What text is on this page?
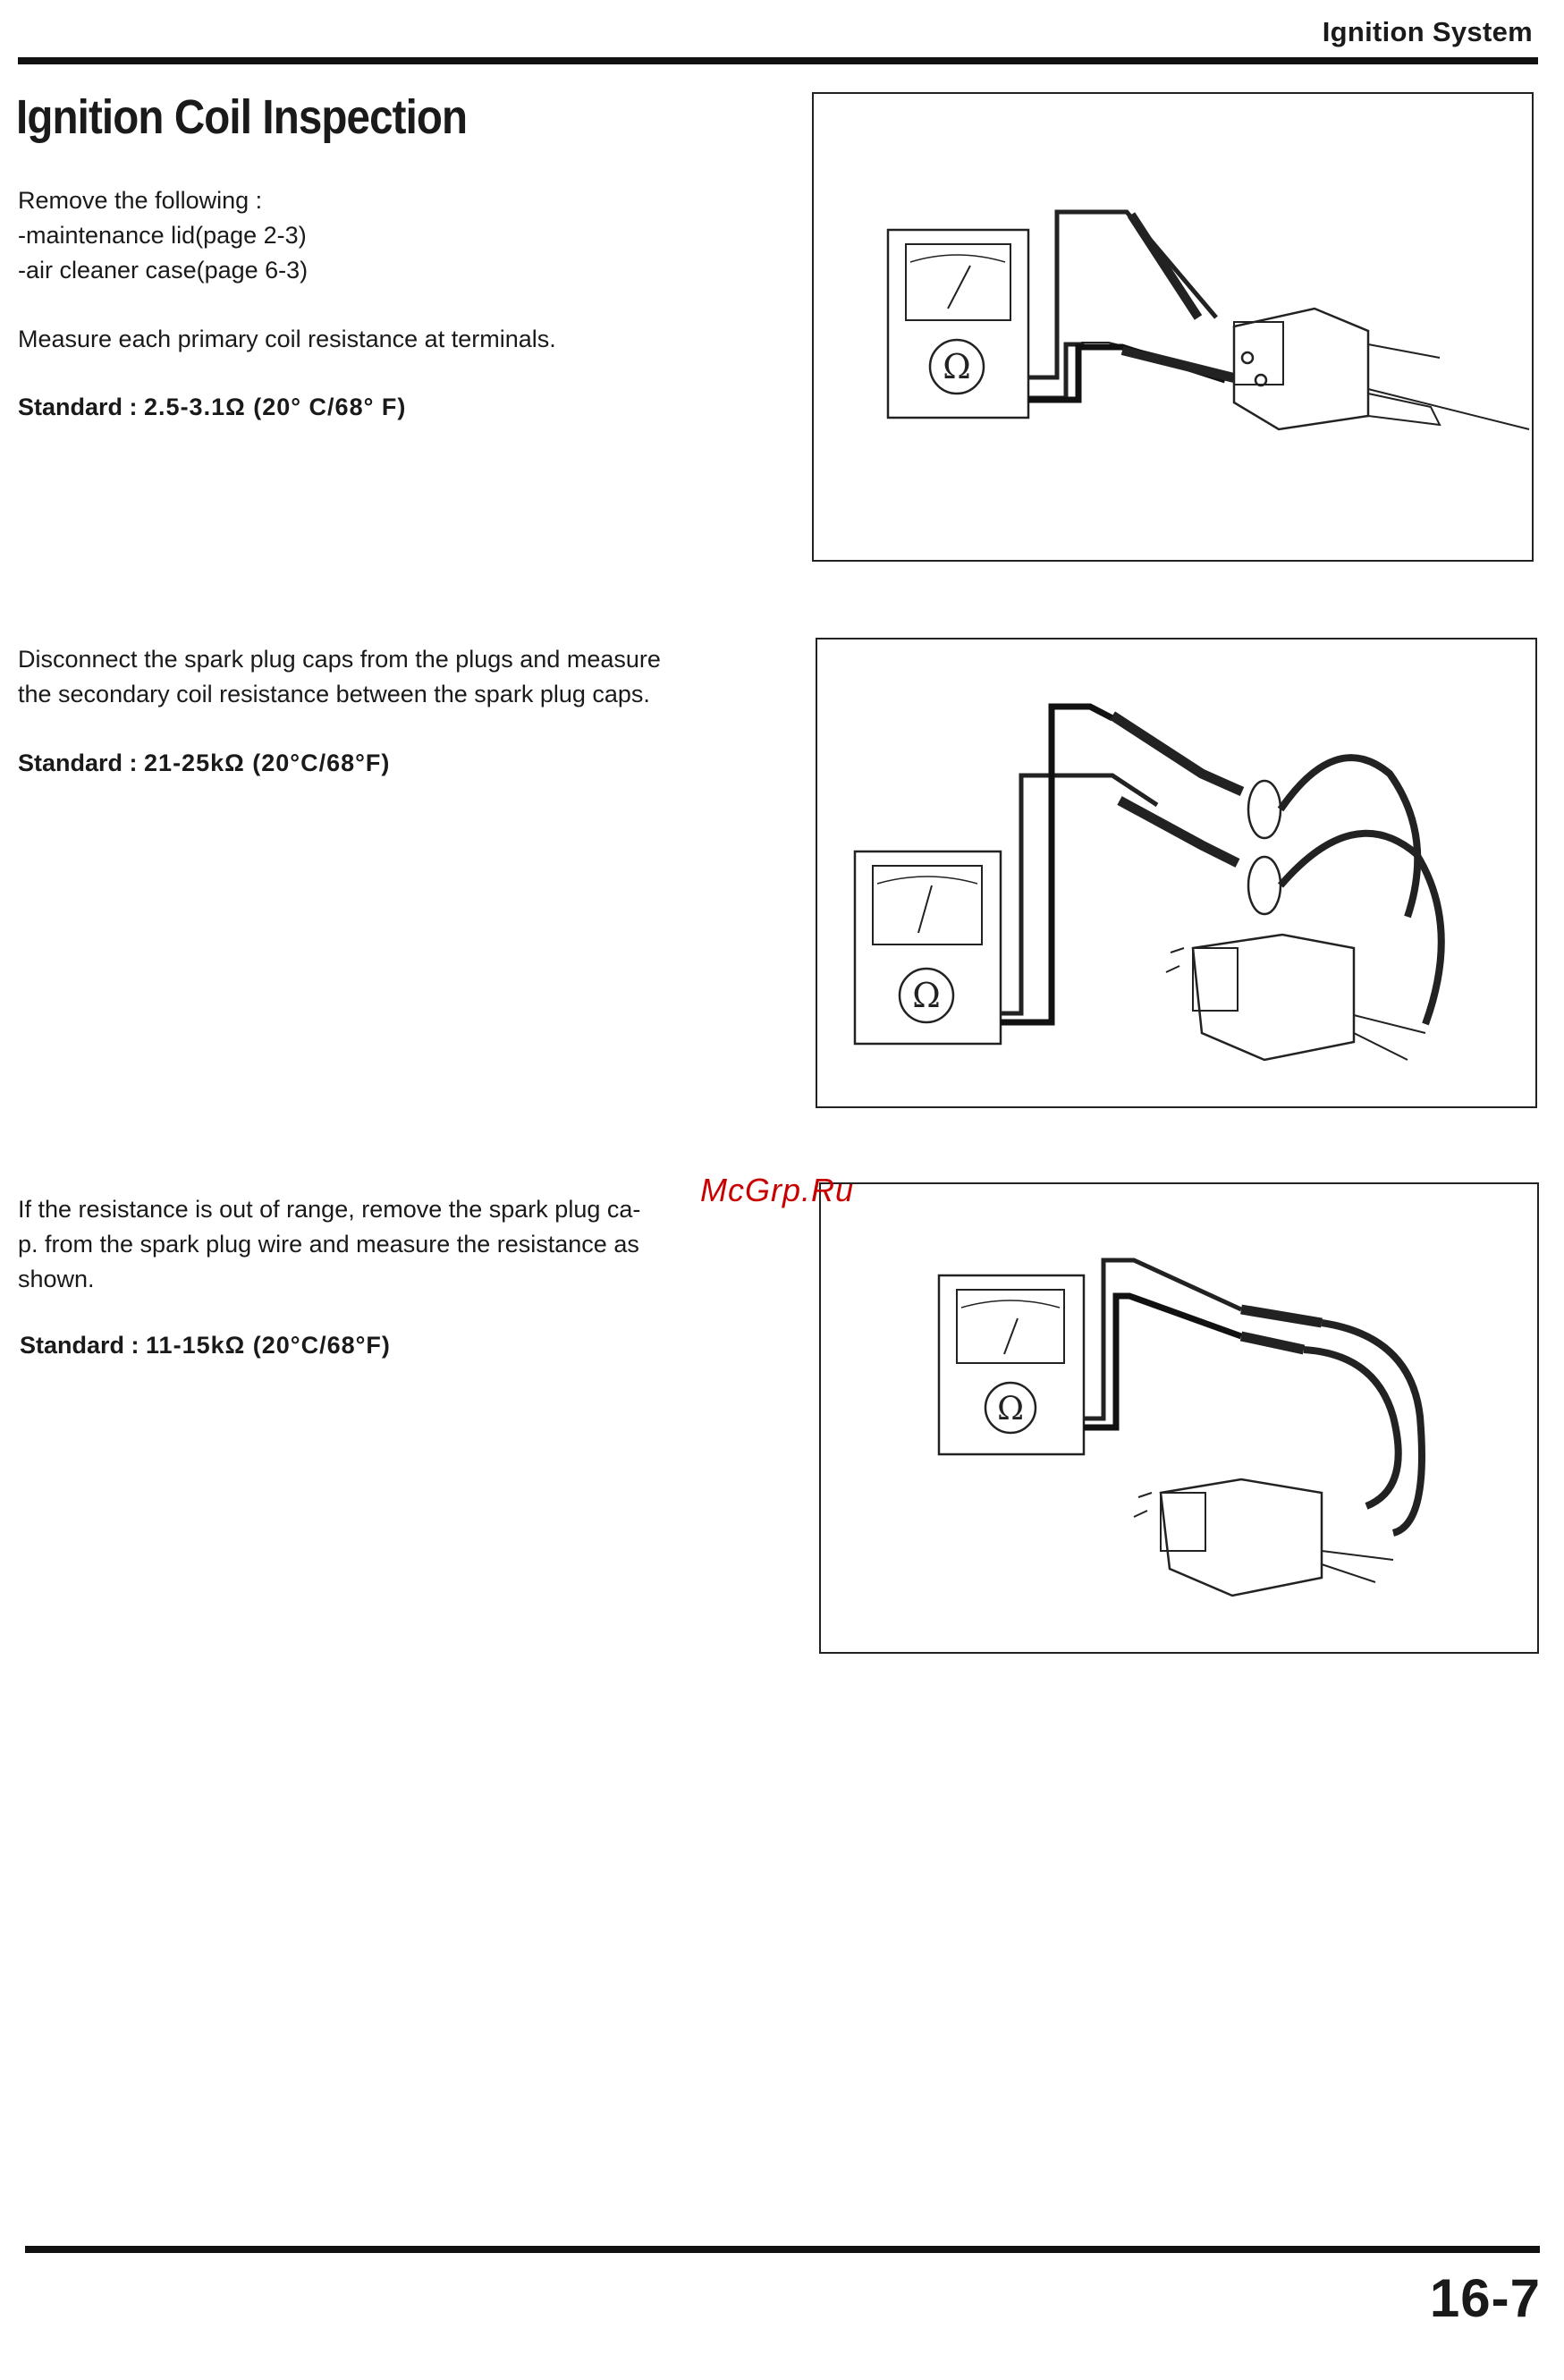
Ignition System
Ignition Coil Inspection
Remove the following :
-maintenance lid(page 2-3)
-air cleaner case(page 6-3)
Measure each primary coil resistance at terminals.
Standard : 2.5-3.1Ω (20° C/68° F)
Ω
Disconnect the spark plug caps from the plugs and measure
the secondary coil resistance between the spark plug caps.
Standard : 21-25kΩ (20°C/68°F)
Ω
If the resistance is out of range, remove the spark plug ca-
p. from the spark plug wire and measure the resistance as
shown.
Standard : 11-15kΩ (20°C/68°F)
Ω
McGrp.Ru
16-7
